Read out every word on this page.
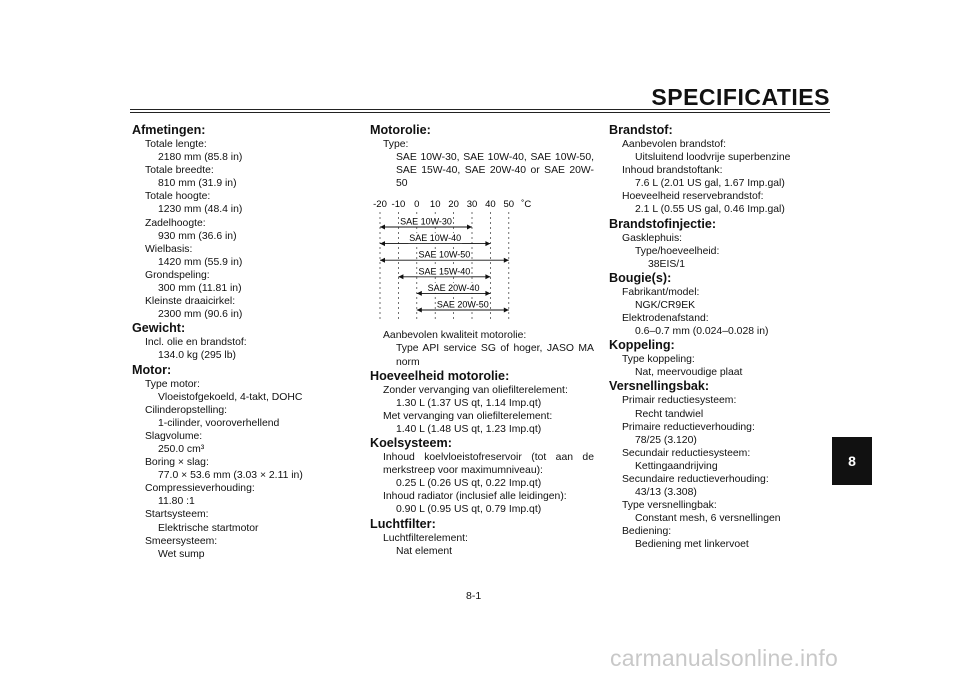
SPECIFICATIES
8
Afmetingen:
Totale lengte:
2180 mm (85.8 in)
Totale breedte:
810 mm (31.9 in)
Totale hoogte:
1230 mm (48.4 in)
Zadelhoogte:
930 mm (36.6 in)
Wielbasis:
1420 mm (55.9 in)
Grondspeling:
300 mm (11.81 in)
Kleinste draaicirkel:
2300 mm (90.6 in)
Gewicht:
Incl. olie en brandstof:
134.0 kg (295 lb)
Motor:
Type motor:
Vloeistofgekoeld, 4-takt, DOHC
Cilinderopstelling:
1-cilinder, vooroverhellend
Slagvolume:
250.0 cm³
Boring × slag:
77.0 × 53.6 mm (3.03 × 2.11 in)
Compressieverhouding:
11.80 :1
Startsysteem:
Elektrische startmotor
Smeersysteem:
Wet sump
Motorolie:
Type:
SAE 10W-30, SAE 10W-40, SAE 10W-50, SAE 15W-40, SAE 20W-40 or SAE 20W-50
-20 -10 0 10 20 30 40 50 ˚C
SAE 10W-30
SAE 10W-40
SAE 10W-50
SAE 15W-40
SAE 20W-40
SAE 20W-50
Aanbevolen kwaliteit motorolie:
Type API service SG of hoger, JASO MA norm
Hoeveelheid motorolie:
Zonder vervanging van oliefilterelement:
1.30 L (1.37 US qt, 1.14 Imp.qt)
Met vervanging van oliefilterelement:
1.40 L (1.48 US qt, 1.23 Imp.qt)
Koelsysteem:
Inhoud koelvloeistofreservoir (tot aan de merkstreep voor maximumniveau):
0.25 L (0.26 US qt, 0.22 Imp.qt)
Inhoud radiator (inclusief alle leidingen):
0.90 L (0.95 US qt, 0.79 Imp.qt)
Luchtfilter:
Luchtfilterelement:
Nat element
Brandstof:
Aanbevolen brandstof:
Uitsluitend loodvrije superbenzine
Inhoud brandstoftank:
7.6 L (2.01 US gal, 1.67 Imp.gal)
Hoeveelheid reservebrandstof:
2.1 L (0.55 US gal, 0.46 Imp.gal)
Brandstofinjectie:
Gasklephuis:
Type/hoeveelheid:
38EIS/1
Bougie(s):
Fabrikant/model:
NGK/CR9EK
Elektrodenafstand:
0.6–0.7 mm (0.024–0.028 in)
Koppeling:
Type koppeling:
Nat, meervoudige plaat
Versnellingsbak:
Primair reductiesysteem:
Recht tandwiel
Primaire reductieverhouding:
78/25 (3.120)
Secundair reductiesysteem:
Kettingaandrijving
Secundaire reductieverhouding:
43/13 (3.308)
Type versnellingbak:
Constant mesh, 6 versnellingen
Bediening:
Bediening met linkervoet
8-1
carmanualsonline.info
